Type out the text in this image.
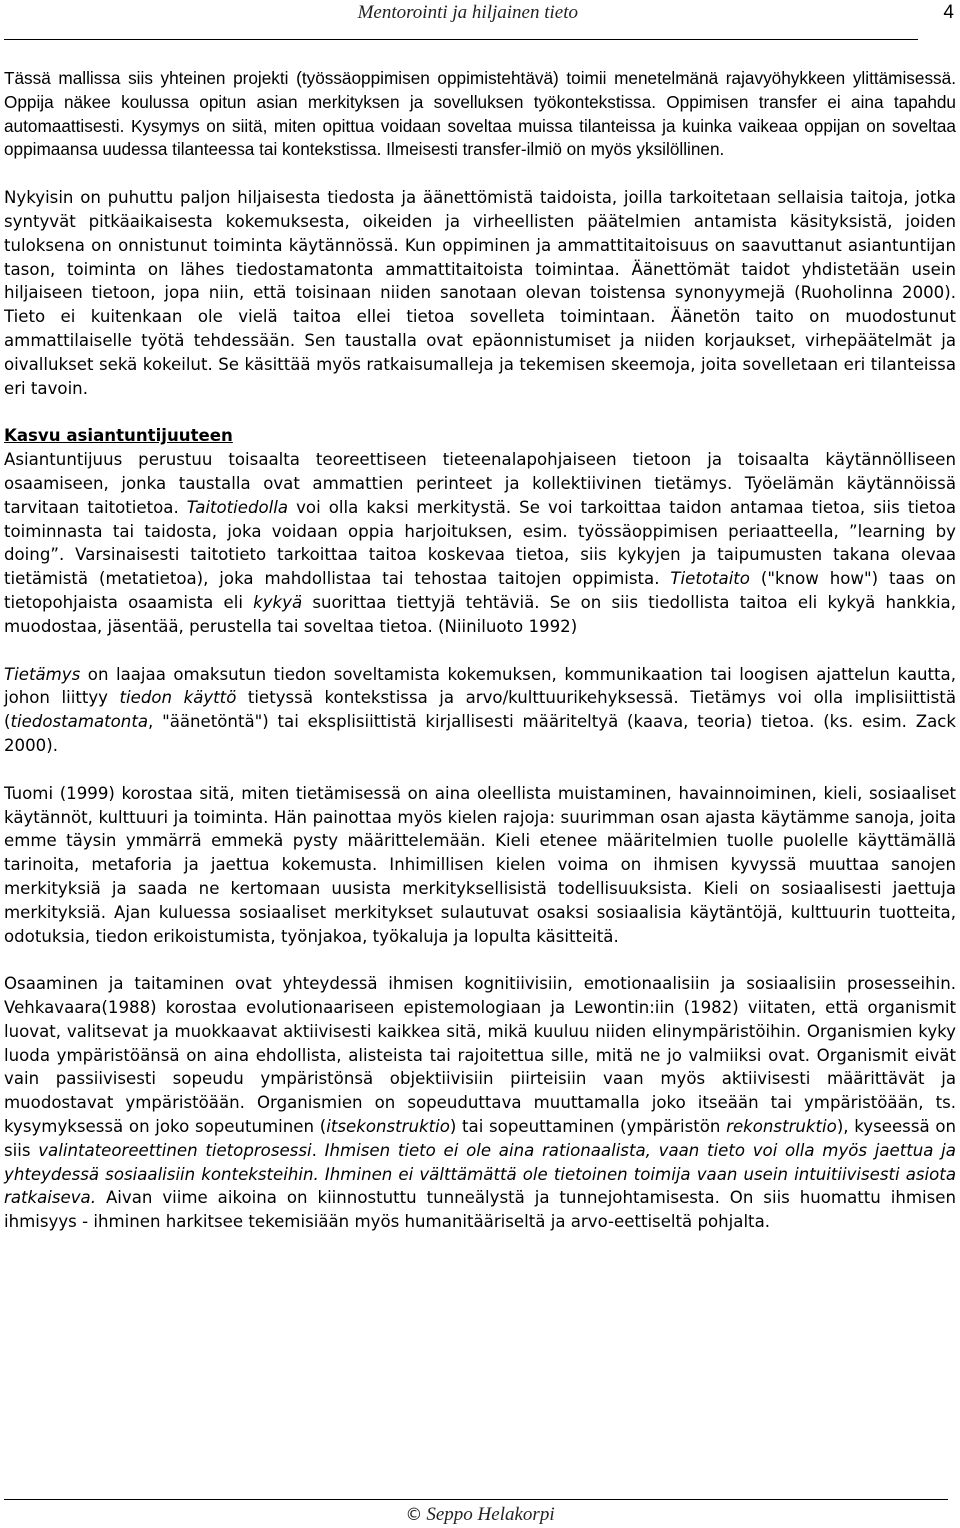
Mentorointi ja hiljainen tieto	4

Tässä mallissa siis yhteinen projekti (työssäoppimisen oppimistehtävä) toimii menetelmänä rajavyöhykkeen ylittämisessä. Oppija näkee koulussa opitun asian merkityksen ja sovelluksen työkontekstissa. Oppimisen transfer ei aina tapahdu automaattisesti. Kysymys on siitä, miten opittua voidaan soveltaa muissa tilanteissa ja kuinka vaikeaa oppijan on soveltaa oppimaansa uudessa tilanteessa tai kontekstissa. Ilmeisesti transfer-ilmiö on myös yksilöllinen.

Nykyisin on puhuttu paljon hiljaisesta tiedosta ja äänettömistä taidoista, joilla tarkoitetaan sellaisia taitoja, jotka syntyvät pitkäaikaisesta kokemuksesta, oikeiden ja virheellisten päätelmien antamista käsityksistä, joiden tuloksena on onnistunut toiminta käytännössä. Kun oppiminen ja ammattitaitoisuus on saavuttanut asiantuntijan tason, toiminta on lähes tiedostamatonta ammattitaitoista toimintaa. Äänettömät taidot yhdistetään usein hiljaiseen tietoon, jopa niin, että toisinaan niiden sanotaan olevan toistensa synonyymejä (Ruoholinna 2000). Tieto ei kuitenkaan ole vielä taitoa ellei tietoa sovelleta toimintaan. Äänetön taito on muodostunut ammattilaiselle työtä tehdessään. Sen taustalla ovat epäonnistumiset ja niiden korjaukset, virhepäätelmät ja oivallukset sekä kokeilut. Se käsittää myös ratkaisumalleja ja tekemisen skeemoja, joita sovelletaan eri tilanteissa eri tavoin.

Kasvu asiantuntijuuteen

Asiantuntijuus perustuu toisaalta teoreettiseen tieteenalapohjaiseen tietoon ja toisaalta käytännölliseen osaamiseen, jonka taustalla ovat ammattien perinteet ja kollektiivinen tietämys. Työelämän käytännöissä tarvitaan taitotietoa. Taitotiedolla voi olla kaksi merkitystä. Se voi tarkoittaa taidon antamaa tietoa, siis tietoa toiminnasta tai taidosta, joka voidaan oppia harjoituksen, esim. työssäoppimisen periaatteella, ”learning by doing”. Varsinaisesti taitotieto tarkoittaa taitoa koskevaa tietoa, siis kykyjen ja taipumusten takana olevaa tietämistä (metatietoa), joka mahdollistaa tai tehostaa taitojen oppimista. Tietotaito ("know how") taas on tietopohjaista osaamista eli kykyä suorittaa tiettyjä tehtäviä. Se on siis tiedollista taitoa eli kykyä hankkia, muodostaa, jäsentää, perustella tai soveltaa tietoa. (Niiniluoto 1992)

Tietämys on laajaa omaksutun tiedon soveltamista kokemuksen, kommunikaation tai loogisen ajattelun kautta, johon liittyy tiedon käyttö tietyssä kontekstissa ja arvo/kulttuurikehyksessä. Tietämys voi olla implisiittistä (tiedostamatonta, "äänetöntä") tai eksplisiittistä kirjallisesti määriteltyä (kaava, teoria) tietoa. (ks. esim. Zack 2000).

Tuomi (1999) korostaa sitä, miten tietämisessä on aina oleellista muistaminen, havainnoiminen, kieli, sosiaaliset käytännöt, kulttuuri ja toiminta. Hän painottaa myös kielen rajoja: suurimman osan ajasta käytämme sanoja, joita emme täysin ymmärrä emmekä pysty määrittelemään. Kieli etenee määritelmien tuolle puolelle käyttämällä tarinoita, metaforia ja jaettua kokemusta. Inhimillisen kielen voima on ihmisen kyvyssä muuttaa sanojen merkityksiä ja saada ne kertomaan uusista merkityksellisistä todellisuuksista. Kieli on sosiaalisesti jaettuja merkityksiä. Ajan kuluessa sosiaaliset merkitykset sulautuvat osaksi sosiaalisia käytäntöjä, kulttuurin tuotteita, odotuksia, tiedon erikoistumista, työnjakoa, työkaluja ja lopulta käsitteitä.

Osaaminen ja taitaminen ovat yhteydessä ihmisen kognitiivisiin, emotionaalisiin ja sosiaalisiin prosesseihin. Vehkavaara(1988) korostaa evolutionaariseen epistemologiaan ja Lewontin:iin (1982) viitaten, että organismit luovat, valitsevat ja muokkaavat aktiivisesti kaikkea sitä, mikä kuuluu niiden elinympäristöihin. Organismien kyky luoda ympäristöänsä on aina ehdollista, alisteista tai rajoitettua sille, mitä ne jo valmiiksi ovat. Organismit eivät vain passiivisesti sopeudu ympäristönsä objektiivisiin piirteisiin vaan myös aktiivisesti määrittävät ja muodostavat ympäristöään. Organismien on sopeuduttava muuttamalla joko itseään tai ympäristöään, ts. kysymyksessä on joko sopeutuminen (itsekonstruktio) tai sopeuttaminen (ympäristön rekonstruktio), kyseessä on siis valintateoreettinen tietoprosessi. Ihmisen tieto ei ole aina rationaalista, vaan tieto voi olla myös jaettua ja yhteydessä sosiaalisiin konteksteihin. Ihminen ei välttämättä ole tietoinen toimija vaan usein intuitiivisesti asiota ratkaiseva. Aivan viime aikoina on kiinnostuttu tunneälystä ja tunnejohtamisesta. On siis huomattu ihmisen ihmisyys - ihminen harkitsee tekemisiään myös humanitääriseltä ja arvo-eettiseltä pohjalta.

© Seppo Helakorpi
